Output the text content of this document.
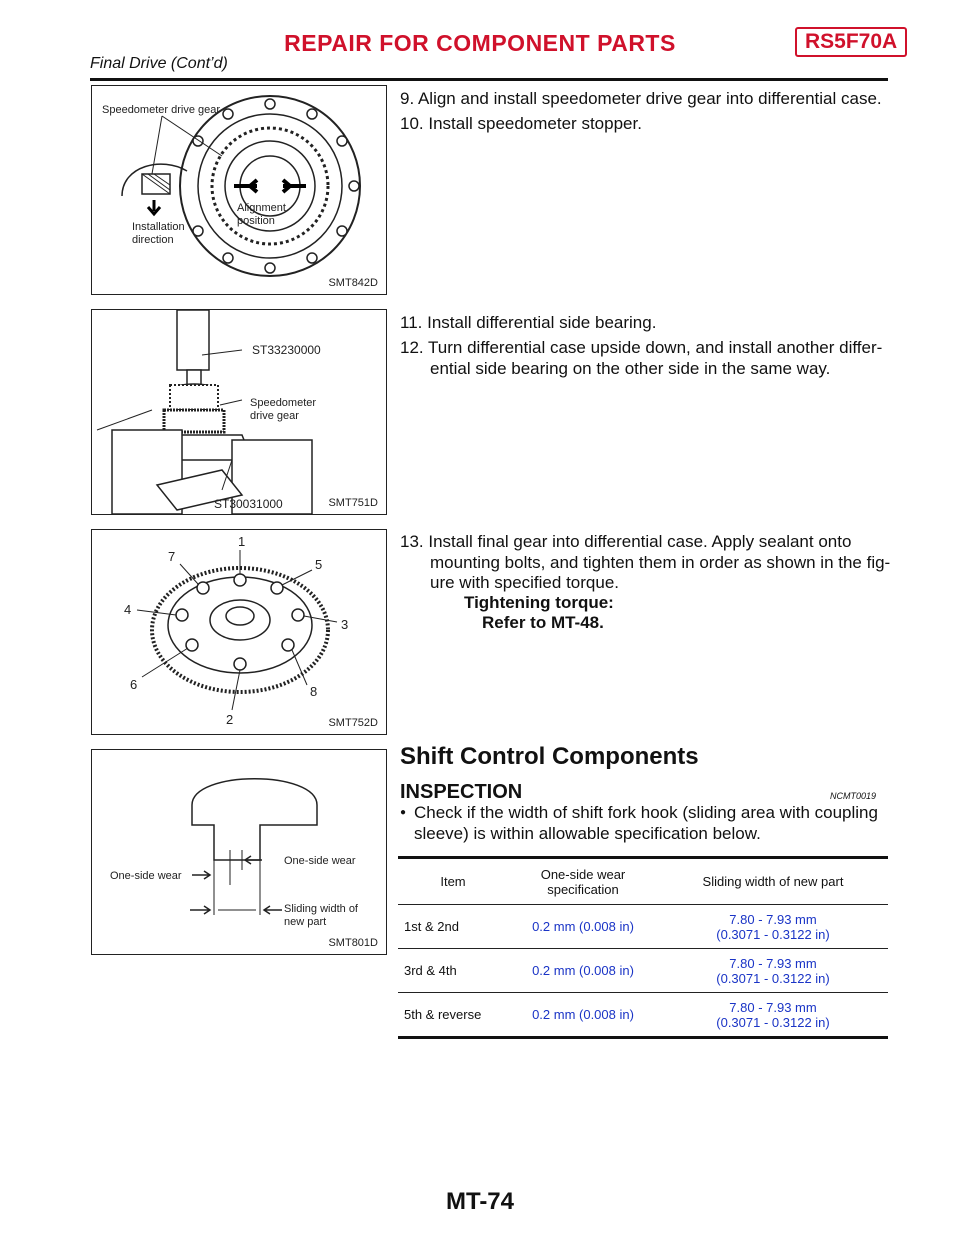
REPAIR FOR COMPONENT PARTS	RS5F70A
Final Drive (Cont’d)
Speedometer drive gear
Installation
direction
Alignment
position
SMT842D
ST33230000
Speedometer
drive gear
ST30031000	SMT751D
1
2
3
4
5
6
7
8
SMT752D
One-side wear
One-side wear
Sliding width of
new part
SMT801D
9. Align and install speedometer drive gear into differential case.
10. Install speedometer stopper.
11. Install differential side bearing.
12. Turn differential case upside down, and install another differ-
ential side bearing on the other side in the same way.
13. Install final gear into differential case. Apply sealant onto
mounting bolts, and tighten them in order as shown in the fig-
ure with specified torque.
Tightening torque:
Refer to MT-48.
Shift Control Components
INSPECTION	NCMT0019
● Check if the width of shift fork hook (sliding area with coupling
sleeve) is within allowable specification below.
Item	One-side wear specification	Sliding width of new part
1st & 2nd	0.2 mm (0.008 in)	7.80 - 7.93 mm
(0.3071 - 0.3122 in)

3rd & 4th	0.2 mm (0.008 in)	7.80 - 7.93 mm
(0.3071 - 0.3122 in)

5th & reverse	0.2 mm (0.008 in)	7.80 - 7.93 mm
(0.3071 - 0.3122 in)
MT-74
